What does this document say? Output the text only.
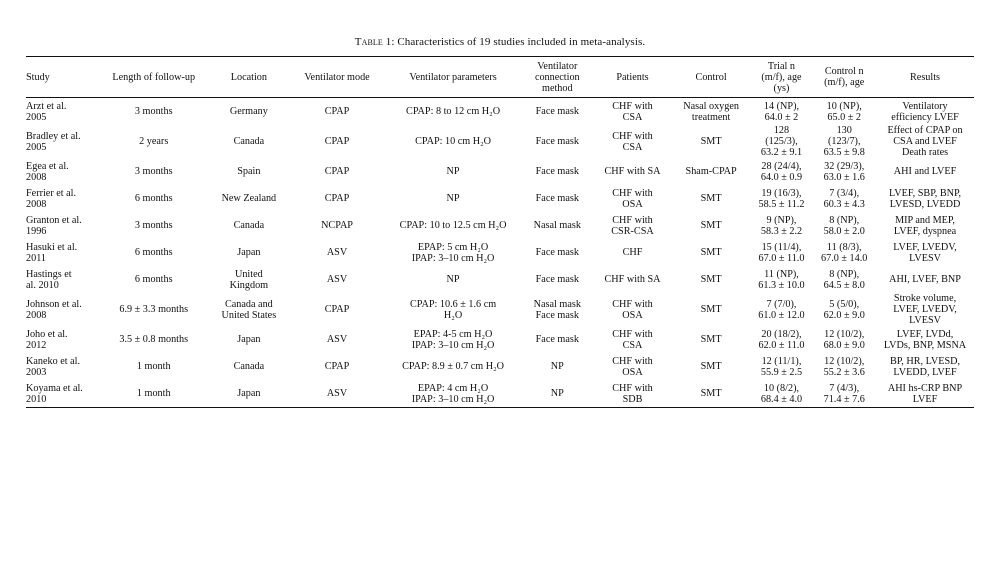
Table 1: Characteristics of 19 studies included in meta-analysis.
Study	Length of follow-up	Location	Ventilator mode	Ventilator parameters	Ventilator
connection
method	Patients	Control	Trial n
(m/f), age
(ys)	Control n
(m/f), age	Results

Arzt et al.
2005	3 months	Germany	CPAP	CPAP: 8 to 12 cm H₂O	Face mask	CHF with
CSA	Nasal oxygen
treatment	14 (NP),
64.0 ± 2	10 (NP),
65.0 ± 2	Ventilatory
efficiency LVEF

Bradley et al.
2005	2 years	Canada	CPAP	CPAP: 10 cm H₂O	Face mask	CHF with
CSA	SMT	128
(125/3),
63.2 ± 9.1	130
(123/7),
63.5 ± 9.8	Effect of CPAP on
CSA and LVEF
Death rates

Egea et al.
2008	3 months	Spain	CPAP	NP	Face mask	CHF with SA	Sham-CPAP	28 (24/4),
64.0 ± 0.9	32 (29/3),
63.0 ± 1.6	AHI and LVEF

Ferrier et al.
2008	6 months	New Zealand	CPAP	NP	Face mask	CHF with
OSA	SMT	19 (16/3),
58.5 ± 11.2	7 (3/4),
60.3 ± 4.3	LVEF, SBP, BNP,
LVESD, LVEDD

Granton et al.
1996	3 months	Canada	NCPAP	CPAP: 10 to 12.5 cm H₂O	Nasal mask	CHF with
CSR-CSA	SMT	9 (NP),
58.3 ± 2.2	8 (NP),
58.0 ± 2.0	MIP and MEP,
LVEF, dyspnea

Hasuki et al.
2011	6 months	Japan	ASV	EPAP: 5 cm H₂O
IPAP: 3–10 cm H₂O	Face mask	CHF	SMT	15 (11/4),
67.0 ± 11.0	11 (8/3),
67.0 ± 14.0	LVEF, LVEDV,
LVESV

Hastings et
al. 2010	6 months	United
Kingdom	ASV	NP	Face mask	CHF with SA	SMT	11 (NP),
61.3 ± 10.0	8 (NP),
64.5 ± 8.0	AHI, LVEF, BNP

Johnson et al.
2008	6.9 ± 3.3 months	Canada and
United States	CPAP	CPAP: 10.6 ± 1.6 cm
H₂O	Nasal mask
Face mask	CHF with
OSA	SMT	7 (7/0),
61.0 ± 12.0	5 (5/0),
62.0 ± 9.0	Stroke volume,
LVEF, LVEDV,
LVESV

Joho et al.
2012	3.5 ± 0.8 months	Japan	ASV	EPAP: 4-5 cm H₂O
IPAP: 3–10 cm H₂O	Face mask	CHF with
CSA	SMT	20 (18/2),
62.0 ± 11.0	12 (10/2),
68.0 ± 9.0	LVEF, LVDd,
LVDs, BNP, MSNA

Kaneko et al.
2003	1 month	Canada	CPAP	CPAP: 8.9 ± 0.7 cm H₂O	NP	CHF with
OSA	SMT	12 (11/1),
55.9 ± 2.5	12 (10/2),
55.2 ± 3.6	BP, HR, LVESD,
LVEDD, LVEF

Koyama et al.
2010	1 month	Japan	ASV	EPAP: 4 cm H₂O
IPAP: 3–10 cm H₂O	NP	CHF with
SDB	SMT	10 (8/2),
68.4 ± 4.0	7 (4/3),
71.4 ± 7.6	AHI hs-CRP BNP
LVEF
